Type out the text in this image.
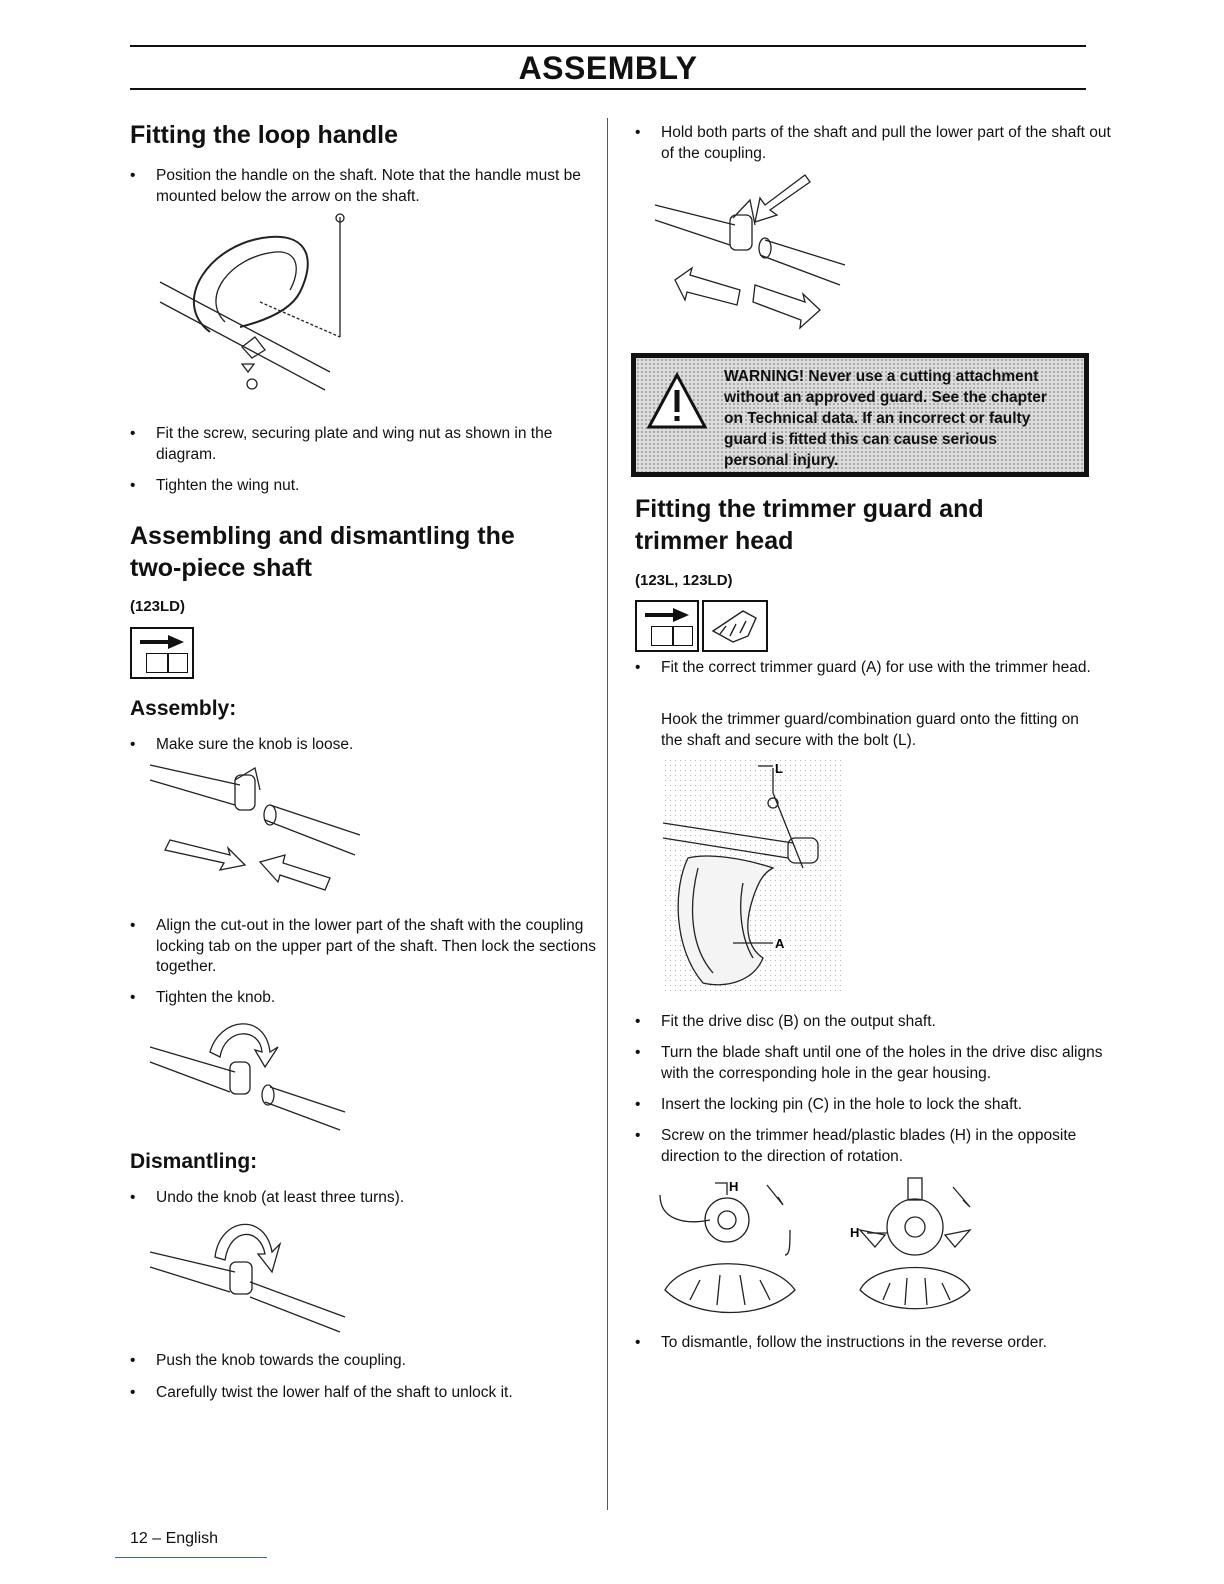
ASSEMBLY
Fitting the loop handle
• Position the handle on the shaft. Note that the handle must be mounted below the arrow on the shaft.
• Fit the screw, securing plate and wing nut as shown in the diagram.
• Tighten the wing nut.
Assembling and dismantling the
two-piece shaft
(123LD)
Assembly:
• Make sure the knob is loose.
• Align the cut-out in the lower part of the shaft with the coupling locking tab on the upper part of the shaft. Then lock the sections together.
• Tighten the knob.
Dismantling:
• Undo the knob (at least three turns).
• Push the knob towards the coupling.
• Carefully twist the lower half of the shaft to unlock it.
• Hold both parts of the shaft and pull the lower part of the shaft out of the coupling.
WARNING! Never use a cutting attachment
without an approved guard. See the chapter
on Technical data. If an incorrect or faulty
guard is fitted this can cause serious
personal injury.
Fitting the trimmer guard and
trimmer head
(123L, 123LD)
• Fit the correct trimmer guard (A) for use with the trimmer head.
Hook the trimmer guard/combination guard onto the fitting on the shaft and secure with the bolt (L).
L
A
• Fit the drive disc (B) on the output shaft.
• Turn the blade shaft until one of the holes in the drive disc aligns with the corresponding hole in the gear housing.
• Insert the locking pin (C) in the hole to lock the shaft.
• Screw on the trimmer head/plastic blades (H) in the opposite direction to the direction of rotation.
H
H
• To dismantle, follow the instructions in the reverse order.
12 – English
